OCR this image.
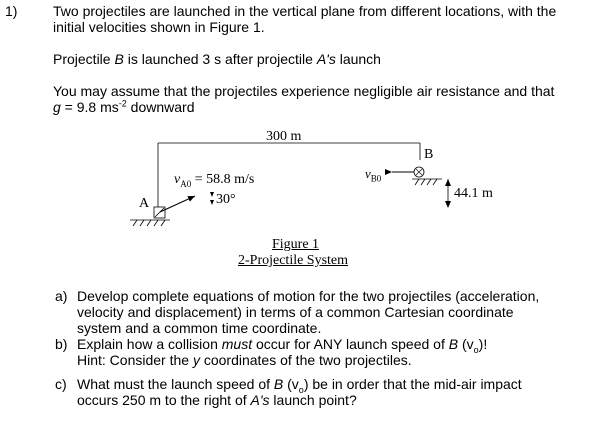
1)	Two projectiles are launched in the vertical plane from different locations, with the
initial velocities shown in Figure 1.
Projectile B is launched 3 s after projectile A's launch
You may assume that the projectiles experience negligible air resistance and that
g = 9.8 $ms^{-2}$ downward
300 m
44.1 m
A
B
$v_{A0} = 58.8$ m/s
30°
$v_{B0}$
Figure 1
2-Projectile System
a) Develop complete equations of motion for the two projectiles (acceleration,
velocity and displacement) in terms of a common Cartesian coordinate
system and a common time coordinate.
b) Explain how a collision must occur for ANY launch speed of B $(v_o)$!
Hint: Consider the y coordinates of the two projectiles.
c) What must the launch speed of B $(v_o)$ be in order that the mid-air impact
occurs 250 m to the right of A's launch point?
